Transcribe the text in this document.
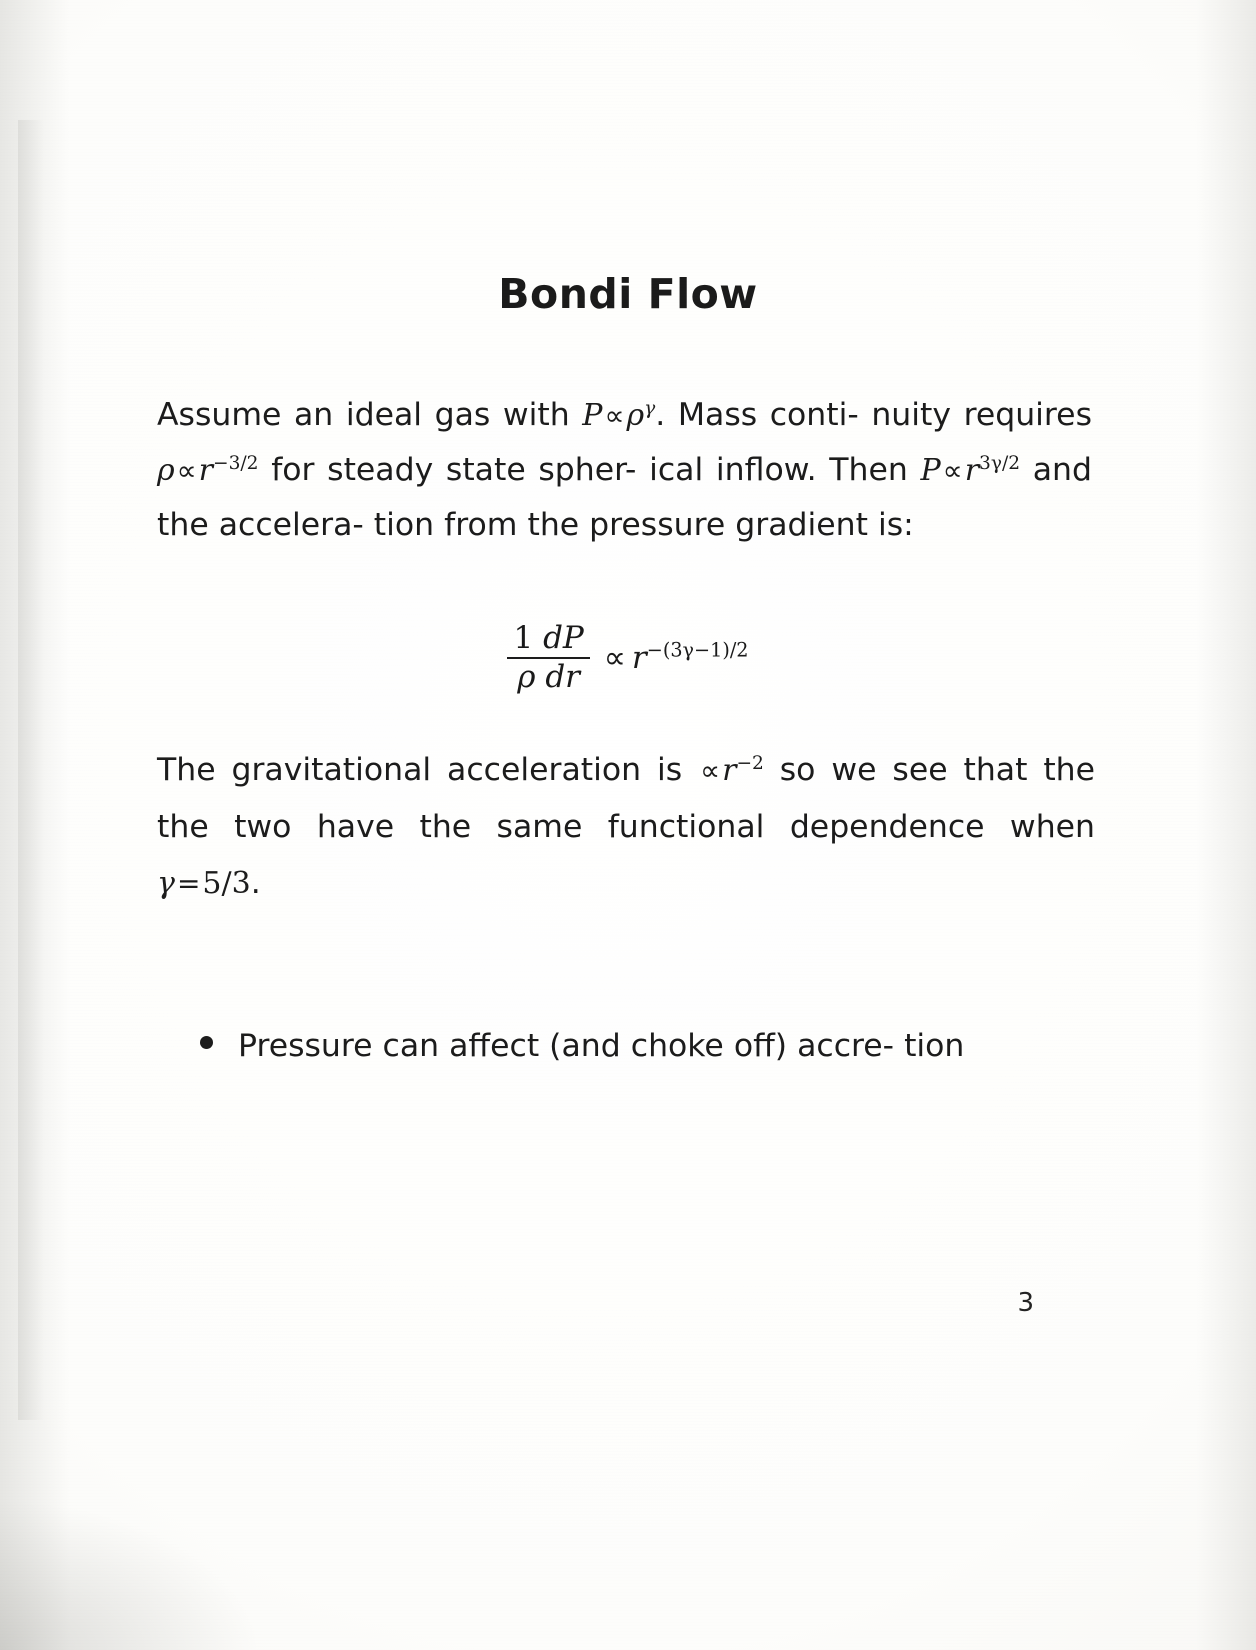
Bondi Flow
Assume an ideal gas with $P\propto\rho^\gamma$. Mass conti- nuity requires $\rho\propto r^{-3/2}$ for steady state spher- ical inflow. Then $P\propto r^{3\gamma/2}$ and the accelera- tion from the pressure gradient is:
$\frac{1 dP}{\text{ρ dr}} \propto r^{-(3\gamma-1)/2}$
The gravitational acceleration is $\propto r^{-2}$ so we see that the the two have the same functional dependence when γ=5/3.
Pressure can affect (and choke off) accre- tion
3
